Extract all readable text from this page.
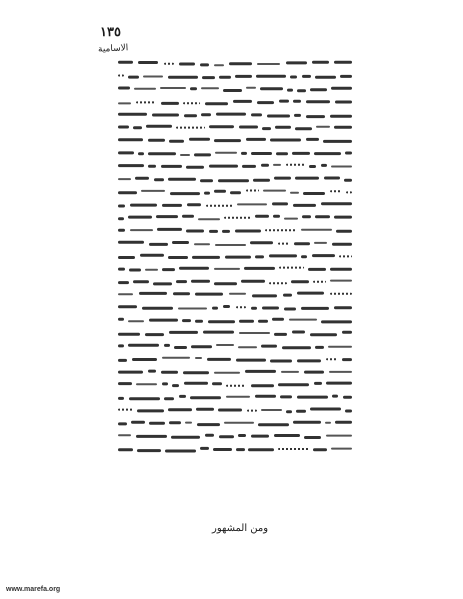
١٣٥
الاسامية
ومن المشهور
www.marefa.org
